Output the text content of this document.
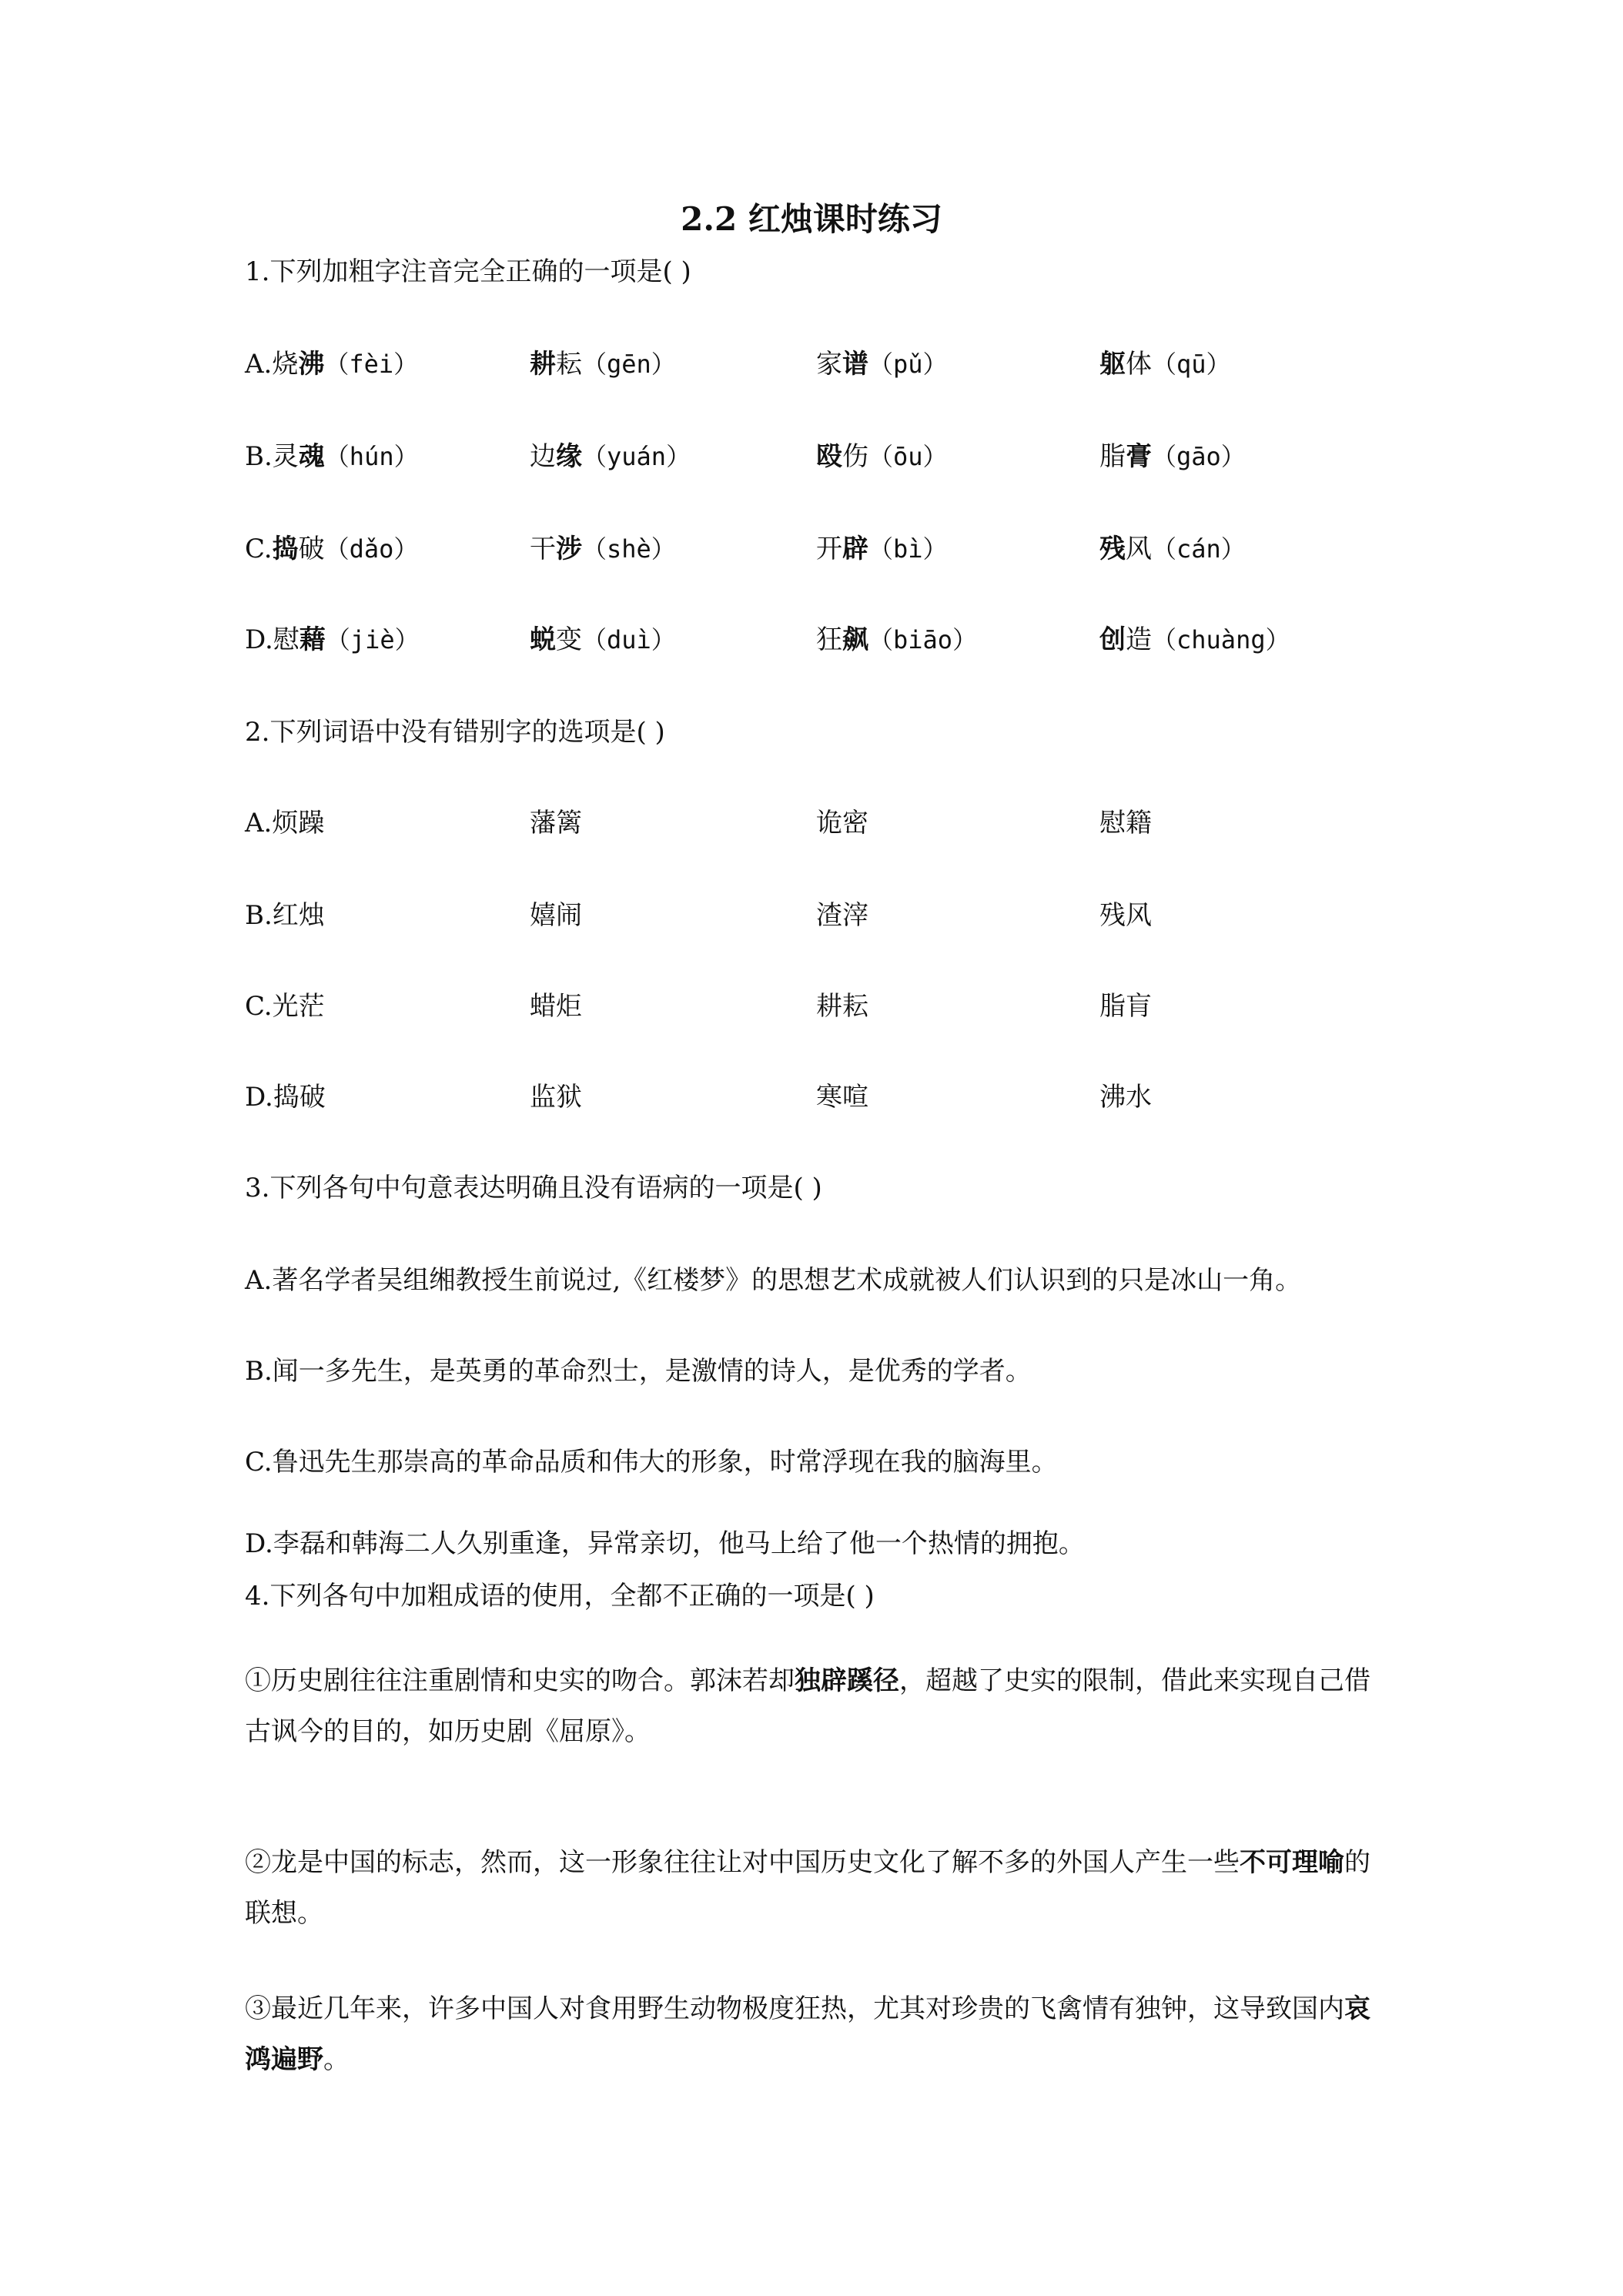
2.2 红烛课时练习
1.下列加粗字注音完全正确的一项是( )
A.烧沸（fèi）	耕耘（gēn）	家谱（pǔ）	躯体（qū）
B.灵魂（hún）	边缘（yuán）	殴伤（ōu）	脂膏（gāo）
C.捣破（dǎo）	干涉（shè）	开辟（bì）	残风（cán）
D.慰藉（jiè）	蜕变（duì）	狂飙（biāo）	创造（chuàng）
2.下列词语中没有错别字的选项是( )
A.烦躁	藩篱	诡密	慰籍
B.红烛	嬉闹	渣滓	残风
C.光茫	蜡炬	耕耘	脂肓
D.捣破	监狱	寒喧	沸水
3.下列各句中句意表达明确且没有语病的一项是( )
A.著名学者吴组缃教授生前说过,《红楼梦》的思想艺术成就被人们认识到的只是冰山一角。
B.闻一多先生，是英勇的革命烈士，是激情的诗人，是优秀的学者。
C.鲁迅先生那崇高的革命品质和伟大的形象，时常浮现在我的脑海里。
D.李磊和韩海二人久别重逢，异常亲切，他马上给了他一个热情的拥抱。
4.下列各句中加粗成语的使用，全都不正确的一项是( )
①历史剧往往注重剧情和史实的吻合。郭沫若却独辟蹊径，超越了史实的限制，借此来实现自己借古讽今的目的，如历史剧《屈原》。
②龙是中国的标志，然而，这一形象往往让对中国历史文化了解不多的外国人产生一些不可理喻的联想。
③最近几年来，许多中国人对食用野生动物极度狂热，尤其对珍贵的飞禽情有独钟，这导致国内哀鸿遍野。
